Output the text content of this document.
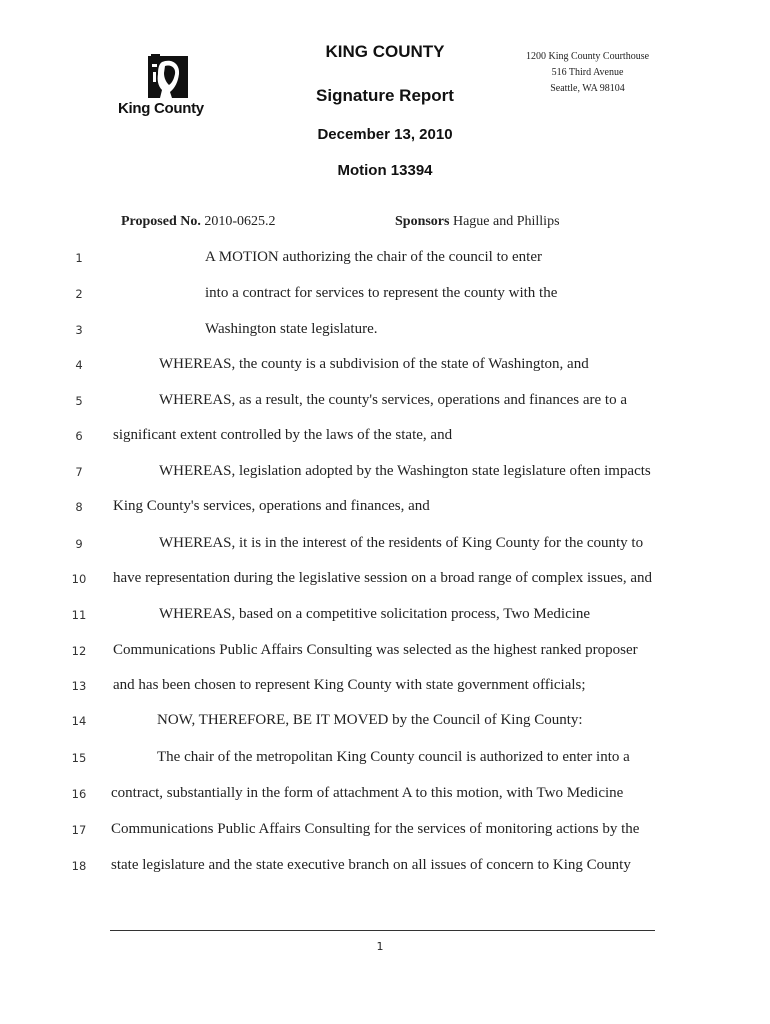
King County
KING COUNTY
Signature Report
December 13, 2010
Motion 13394
1200 King County Courthouse
516 Third Avenue
Seattle, WA 98104
Proposed No. 2010-0625.2	Sponsors Hague and Phillips
1	A MOTION authorizing the chair of the council to enter
2	into a contract for services to represent the county with the
3	Washington state legislature.
4	WHEREAS, the county is a subdivision of the state of Washington, and
5	WHEREAS, as a result, the county's services, operations and finances are to a
6	significant extent controlled by the laws of the state, and
7	WHEREAS, legislation adopted by the Washington state legislature often impacts
8	King County's services, operations and finances, and
9	WHEREAS, it is in the interest of the residents of King County for the county to
10	have representation during the legislative session on a broad range of complex issues, and
11	WHEREAS, based on a competitive solicitation process, Two Medicine
12	Communications Public Affairs Consulting was selected as the highest ranked proposer
13	and has been chosen to represent King County with state government officials;
14	NOW, THEREFORE, BE IT MOVED by the Council of King County:
15	The chair of the metropolitan King County council is authorized to enter into a
16	contract, substantially in the form of attachment A to this motion, with Two Medicine
17	Communications Public Affairs Consulting for the services of monitoring actions by the
18	state legislature and the state executive branch on all issues of concern to King County
1
